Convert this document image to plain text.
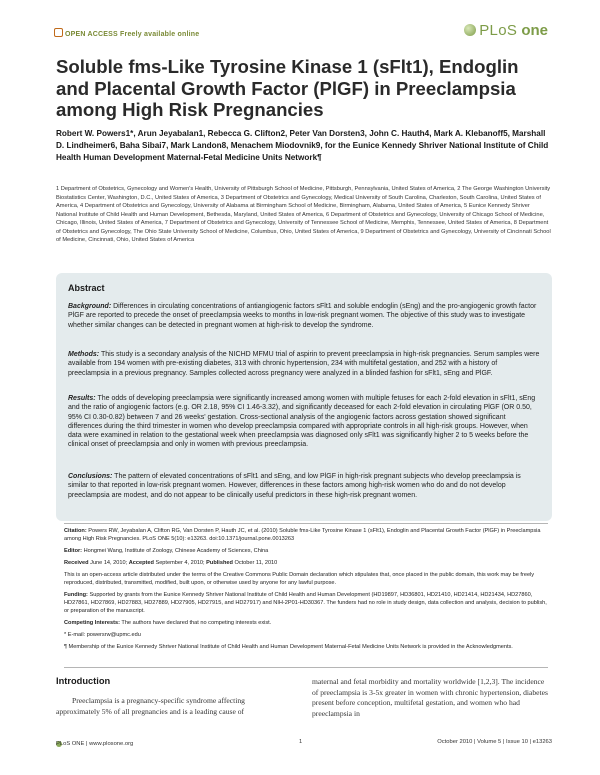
OPEN ACCESS Freely available online	PLoS one
Soluble fms-Like Tyrosine Kinase 1 (sFlt1), Endoglin and Placental Growth Factor (PlGF) in Preeclampsia among High Risk Pregnancies
Robert W. Powers1*, Arun Jeyabalan1, Rebecca G. Clifton2, Peter Van Dorsten3, John C. Hauth4, Mark A. Klebanoff5, Marshall D. Lindheimer6, Baha Sibai7, Mark Landon8, Menachem Miodovnik9, for the Eunice Kennedy Shriver National Institute of Child Health Human Development Maternal-Fetal Medicine Units Network¶
1 Department of Obstetrics, Gynecology and Women's Health, University of Pittsburgh School of Medicine, Pittsburgh, Pennsylvania, United States of America, 2 The George Washington University Biostatistics Center, Washington, D.C., United States of America, 3 Department of Obstetrics and Gynecology, Medical University of South Carolina, Charleston, South Carolina, United States of America, 4 Department of Obstetrics and Gynecology, University of Alabama at Birmingham School of Medicine, Birmingham, Alabama, United States of America, 5 Eunice Kennedy Shriver National Institute of Child Health and Human Development, Bethesda, Maryland, United States of America, 6 Department of Obstetrics and Gynecology, University of Chicago School of Medicine, Chicago, Illinois, United States of America, 7 Department of Obstetrics and Gynecology, University of Tennessee School of Medicine, Memphis, Tennessee, United States of America, 8 Department of Obstetrics and Gynecology, The Ohio State University School of Medicine, Columbus, Ohio, United States of America, 9 Department of Obstetrics and Gynecology, University of Cincinnati School of Medicine, Cincinnati, Ohio, United States of America
Abstract
Background: Differences in circulating concentrations of antiangiogenic factors sFlt1 and soluble endoglin (sEng) and the pro-angiogenic growth factor PlGF are reported to precede the onset of preeclampsia weeks to months in low-risk pregnant women. The objective of this study was to investigate whether similar changes can be detected in pregnant women at high-risk to develop the syndrome.
Methods: This study is a secondary analysis of the NICHD MFMU trial of aspirin to prevent preeclampsia in high-risk pregnancies. Serum samples were available from 194 women with pre-existing diabetes, 313 with chronic hypertension, 234 with multifetal gestation, and 252 with a history of preeclampsia in a previous pregnancy. Samples collected across pregnancy were analyzed in a blinded fashion for sFlt1, sEng and PlGF.
Results: The odds of developing preeclampsia were significantly increased among women with multiple fetuses for each 2-fold elevation in sFlt1, sEng and the ratio of angiogenic factors (e.g. OR 2.18, 95% CI 1.46-3.32), and significantly deceased for each 2-fold elevation in circulating PlGF (OR 0.50, 95% CI 0.30-0.82) between 7 and 26 weeks' gestation. Cross-sectional analysis of the angiogenic factors across gestation showed significant differences during the third trimester in women who develop preeclampsia compared with appropriate controls in all high-risk groups. However, when data were examined in relation to the gestational week when preeclampsia was diagnosed only sFlt1 was significantly higher 2 to 5 weeks before the clinical onset of preeclampsia and only in women with previous preeclampsia.
Conclusions: The pattern of elevated concentrations of sFlt1 and sEng, and low PlGF in high-risk pregnant subjects who develop preeclampsia is similar to that reported in low-risk pregnant women. However, differences in these factors among high-risk women who do and do not develop preeclampsia are modest, and do not appear to be clinically useful predictors in these high-risk pregnant women.

Citation: Powers RW, Jeyabalan A, Clifton RG, Van Dorsten P, Hauth JC, et al. (2010) Soluble fms-Like Tyrosine Kinase 1 (sFlt1), Endoglin and Placental Growth Factor (PlGF) in Preeclampsia among High Risk Pregnancies. PLoS ONE 5(10): e13263. doi:10.1371/journal.pone.0013263

Editor: Hongmei Wang, Institute of Zoology, Chinese Academy of Sciences, China

Received June 14, 2010; Accepted September 4, 2010; Published October 11, 2010

This is an open-access article distributed under the terms of the Creative Commons Public Domain declaration which stipulates that, once placed in the public domain, this work may be freely reproduced, distributed, transmitted, modified, built upon, or otherwise used by anyone for any lawful purpose.

Funding: Supported by grants from the Eunice Kennedy Shriver National Institute of Child Health and Human Development (HD19897, HD36801, HD21410, HD21414, HD21434, HD27860, HD27861, HD27869, HD27883, HD27889, HD27905, HD27915, and HD27917) and NIH-2P01-HD30367. The funders had no role in study design, data collection and analysis, decision to publish, or preparation of the manuscript.

Competing Interests: The authors have declared that no competing interests exist.

* E-mail: powersrw@upmc.edu

¶ Membership of the Eunice Kennedy Shriver National Institute of Child Health and Human Development Maternal-Fetal Medicine Units Network is provided in the Acknowledgments.

Introduction
Preeclampsia is a pregnancy-specific syndrome affecting approximately 5% of all pregnancies and is a leading cause of
maternal and fetal morbidity and mortality worldwide [1,2,3]. The incidence of preeclampsia is 3-5x greater in women with chronic hypertension, diabetes present before conception, multifetal gestation, and women who had preeclampsia in
PLoS ONE | www.plosone.org	1	October 2010 | Volume 5 | Issue 10 | e13263
